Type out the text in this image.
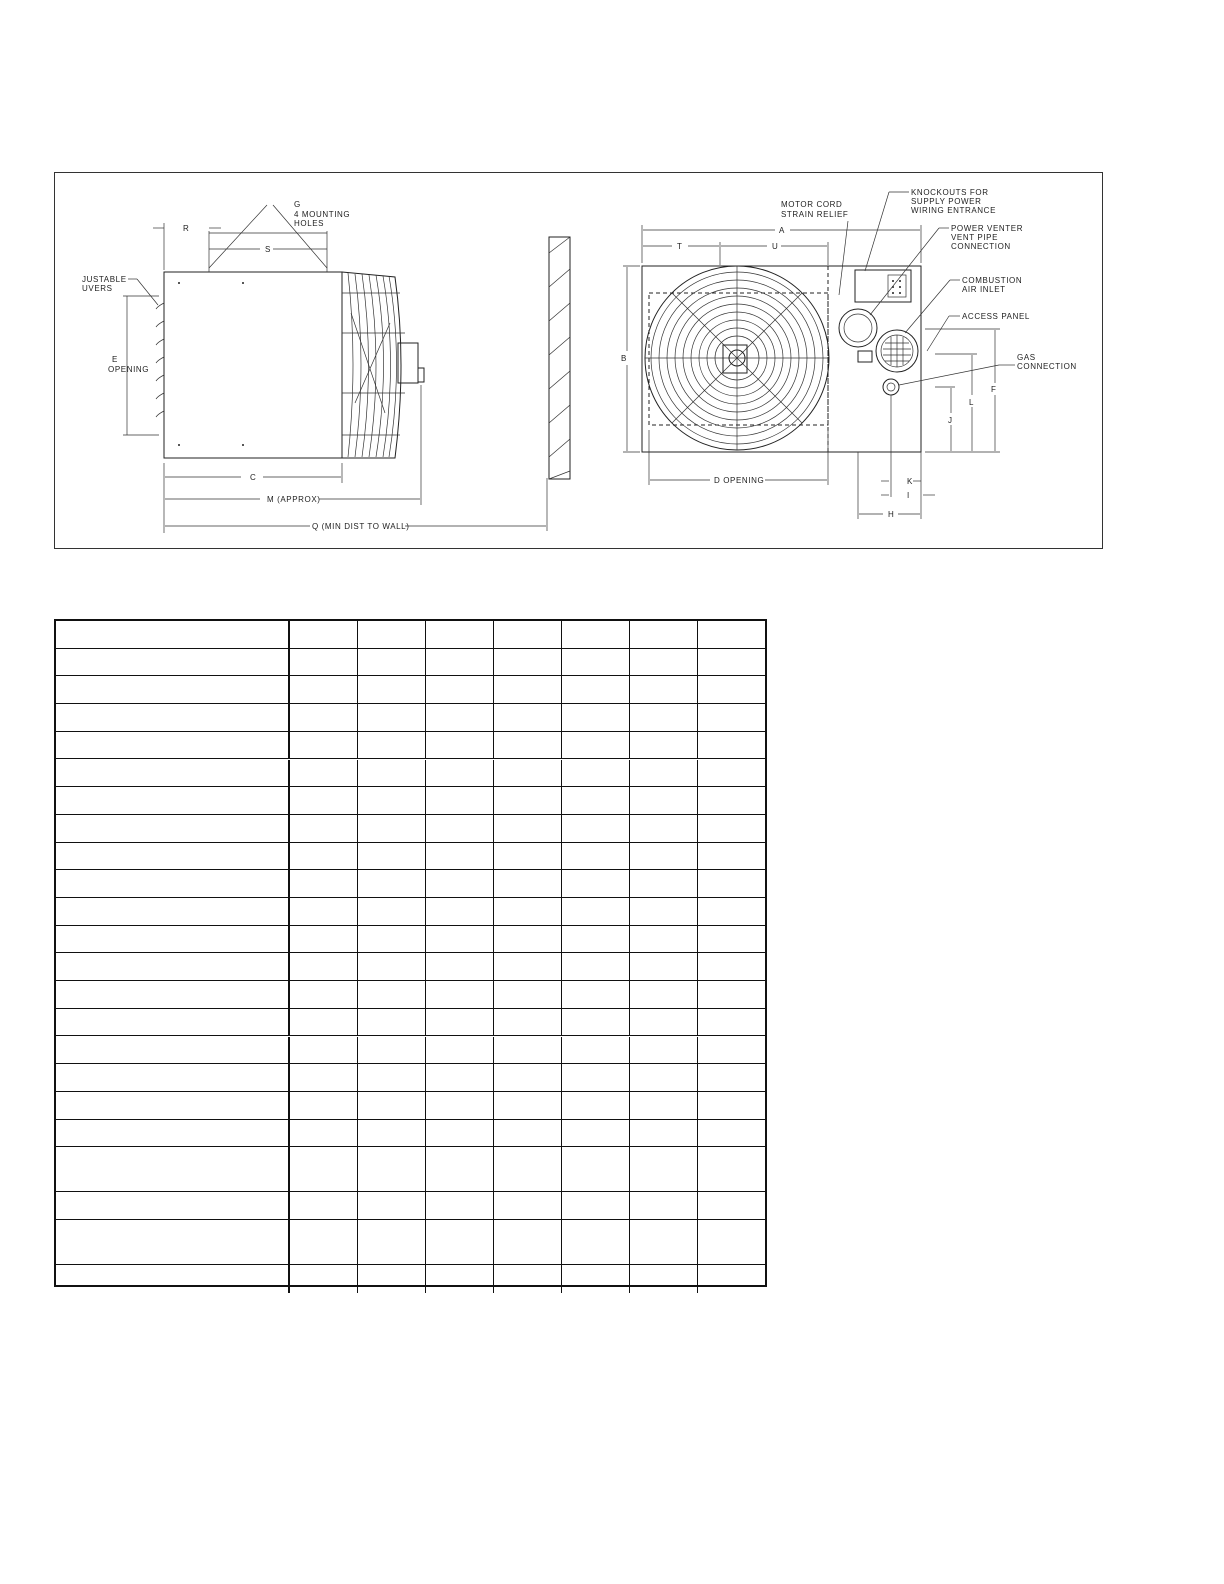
G
4 MOUNTING
HOLES
S
R
JUSTABLE
UVERS
E
OPENING
C
M (APPROX)
Q (MIN DIST TO WALL)
A
T	U
B
D OPENING
F
L
J
K
I
H
MOTOR CORD
STRAIN RELIEF
KNOCKOUTS FOR
SUPPLY POWER
WIRING ENTRANCE
POWER VENTER
VENT PIPE
CONNECTION
COMBUSTION
AIR INLET
ACCESS PANEL
GAS
CONNECTION
